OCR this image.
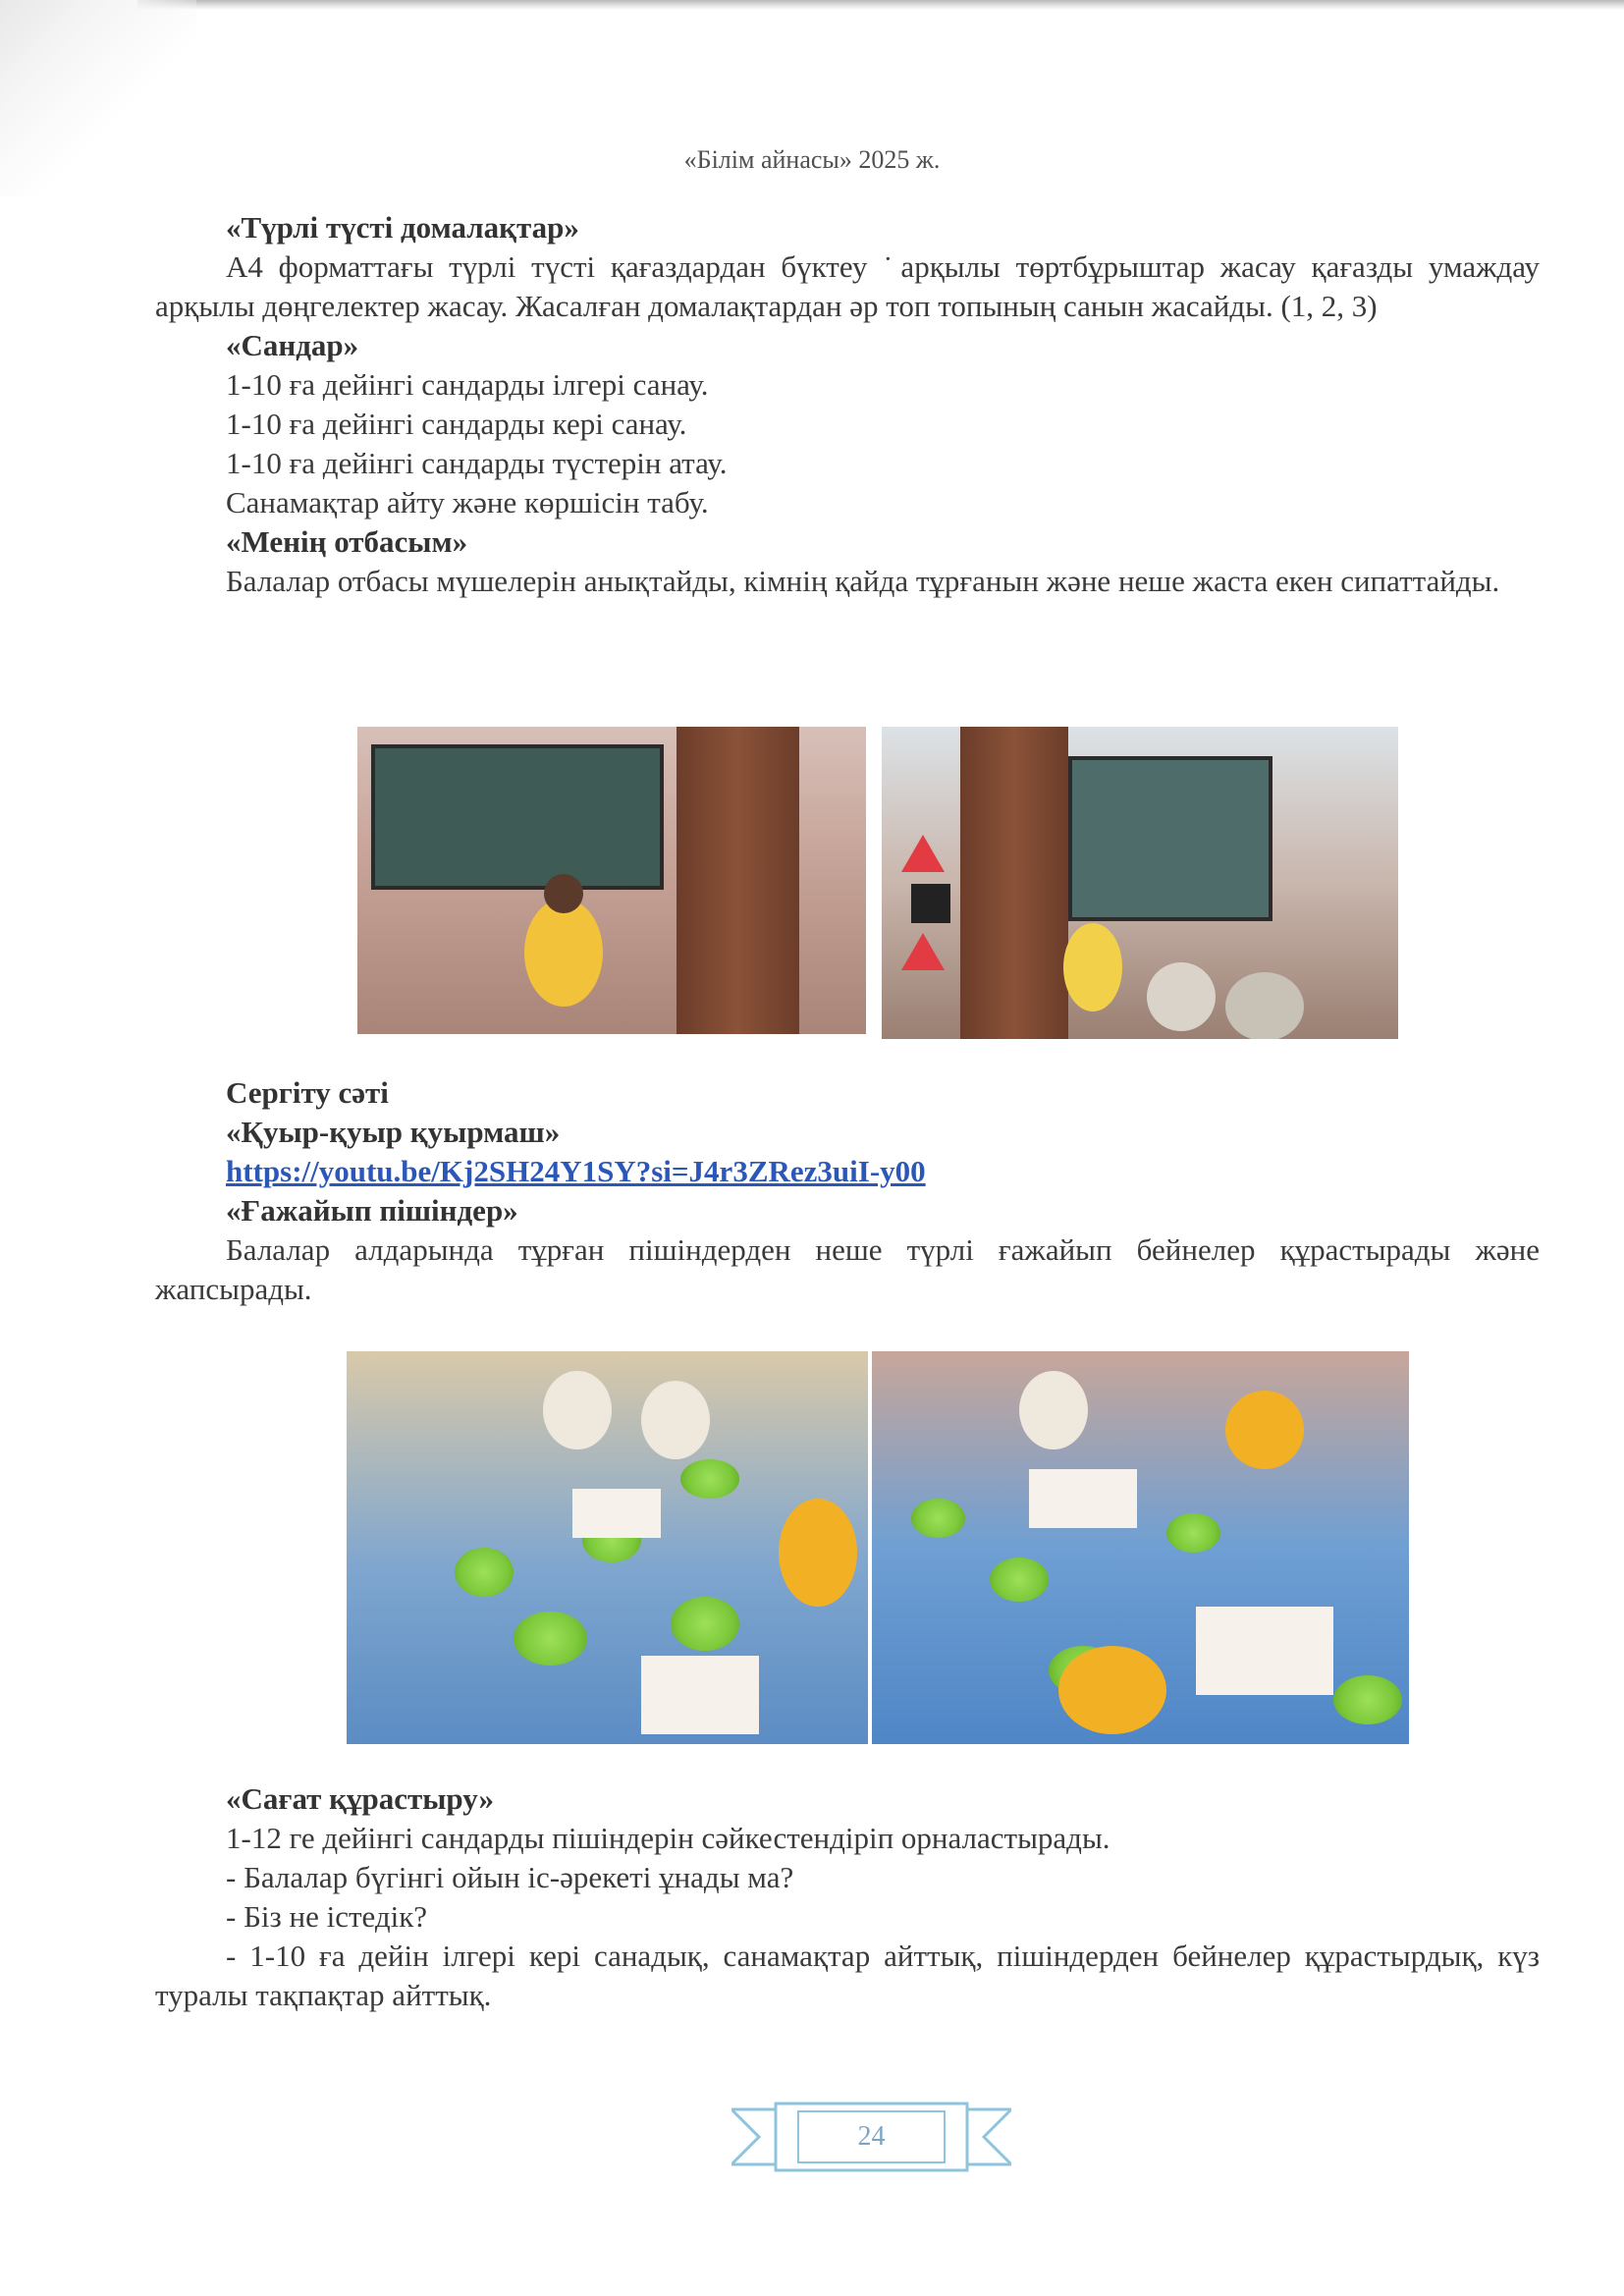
«Білім айнасы» 2025 ж.
«Түрлі түсті домалақтар»

А4 форматтағы түрлі түсті қағаздардан бүктеу ˙арқылы төртбұрыштар жасау қағазды умаждау арқылы дөңгелектер жасау. Жасалған домалақтардан әр топ топының санын жасайды. (1, 2, 3)

«Сандар»
1-10 ға дейінгі сандарды ілгері санау.
1-10 ға дейінгі сандарды кері санау.
1-10 ға дейінгі сандарды түстерін атау.
Санамақтар айту және көршісін табу.
«Менің отбасым»

Балалар отбасы мүшелерін анықтайды, кімнің қайда тұрғанын және неше жаста екен сипаттайды.

Сергіту сәті
«Қуыр-қуыр қуырмаш»
https://youtu.be/Kj2SH24Y1SY?si=J4r3ZRez3uiI-y00
«Ғажайып пішіндер»

Балалар алдарында тұрған пішіндерден неше түрлі ғажайып бейнелер құрастырады және жапсырады.

«Сағат құрастыру»
1-12 ге дейінгі сандарды пішіндерін сәйкестендіріп орналастырады.
- Балалар бүгінгі ойын іс-әрекеті ұнады ма?
- Біз не істедік?

- 1-10 ға дейін ілгері кері санадық, санамақтар айттық, пішіндерден бейнелер құрастырдық, күз туралы тақпақтар айттық.

24
